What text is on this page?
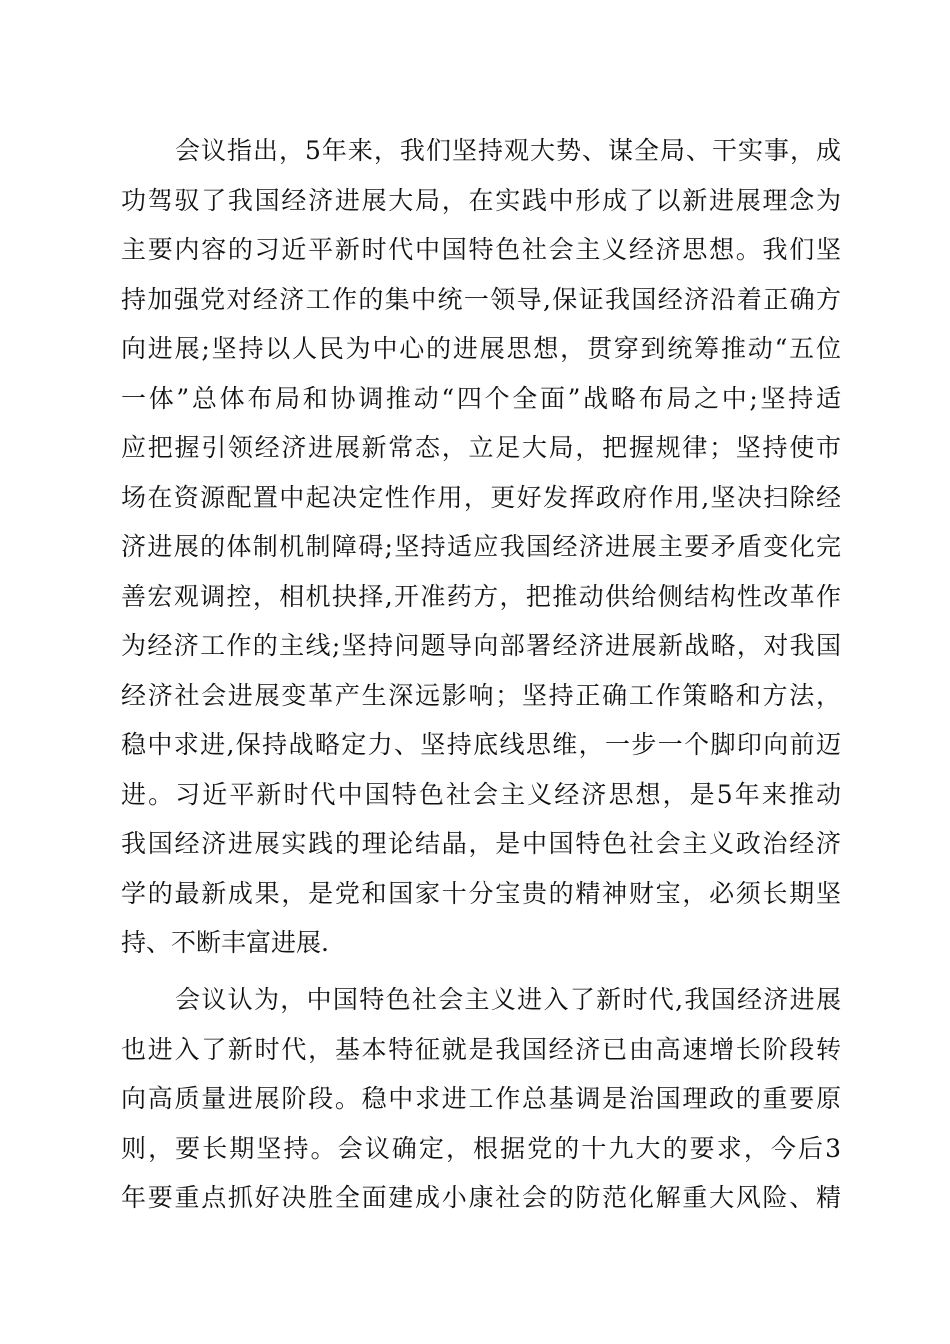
会议指出，5年来，我们坚持观大势、谋全局、干实事，成
功驾驭了我国经济进展大局，在实践中形成了以新进展理念为
主要内容的习近平新时代中国特色社会主义经济思想。我们坚
持加强党对经济工作的集中统一领导,保证我国经济沿着正确方
向进展;坚持以人民为中心的进展思想，贯穿到统筹推动“五位
一体”总体布局和协调推动“四个全面”战略布局之中;坚持适
应把握引领经济进展新常态，立足大局，把握规律；坚持使市
场在资源配置中起决定性作用，更好发挥政府作用,坚决扫除经
济进展的体制机制障碍;坚持适应我国经济进展主要矛盾变化完
善宏观调控，相机抉择,开准药方，把推动供给侧结构性改革作
为经济工作的主线;坚持问题导向部署经济进展新战略，对我国
经济社会进展变革产生深远影响；坚持正确工作策略和方法，
稳中求进,保持战略定力、坚持底线思维，一步一个脚印向前迈
进。习近平新时代中国特色社会主义经济思想，是5年来推动
我国经济进展实践的理论结晶，是中国特色社会主义政治经济
学的最新成果，是党和国家十分宝贵的精神财宝，必须长期坚
持、不断丰富进展.
会议认为，中国特色社会主义进入了新时代,我国经济进展
也进入了新时代，基本特征就是我国经济已由高速增长阶段转
向高质量进展阶段。稳中求进工作总基调是治国理政的重要原
则，要长期坚持。会议确定，根据党的十九大的要求，今后3
年要重点抓好决胜全面建成小康社会的防范化解重大风险、精
